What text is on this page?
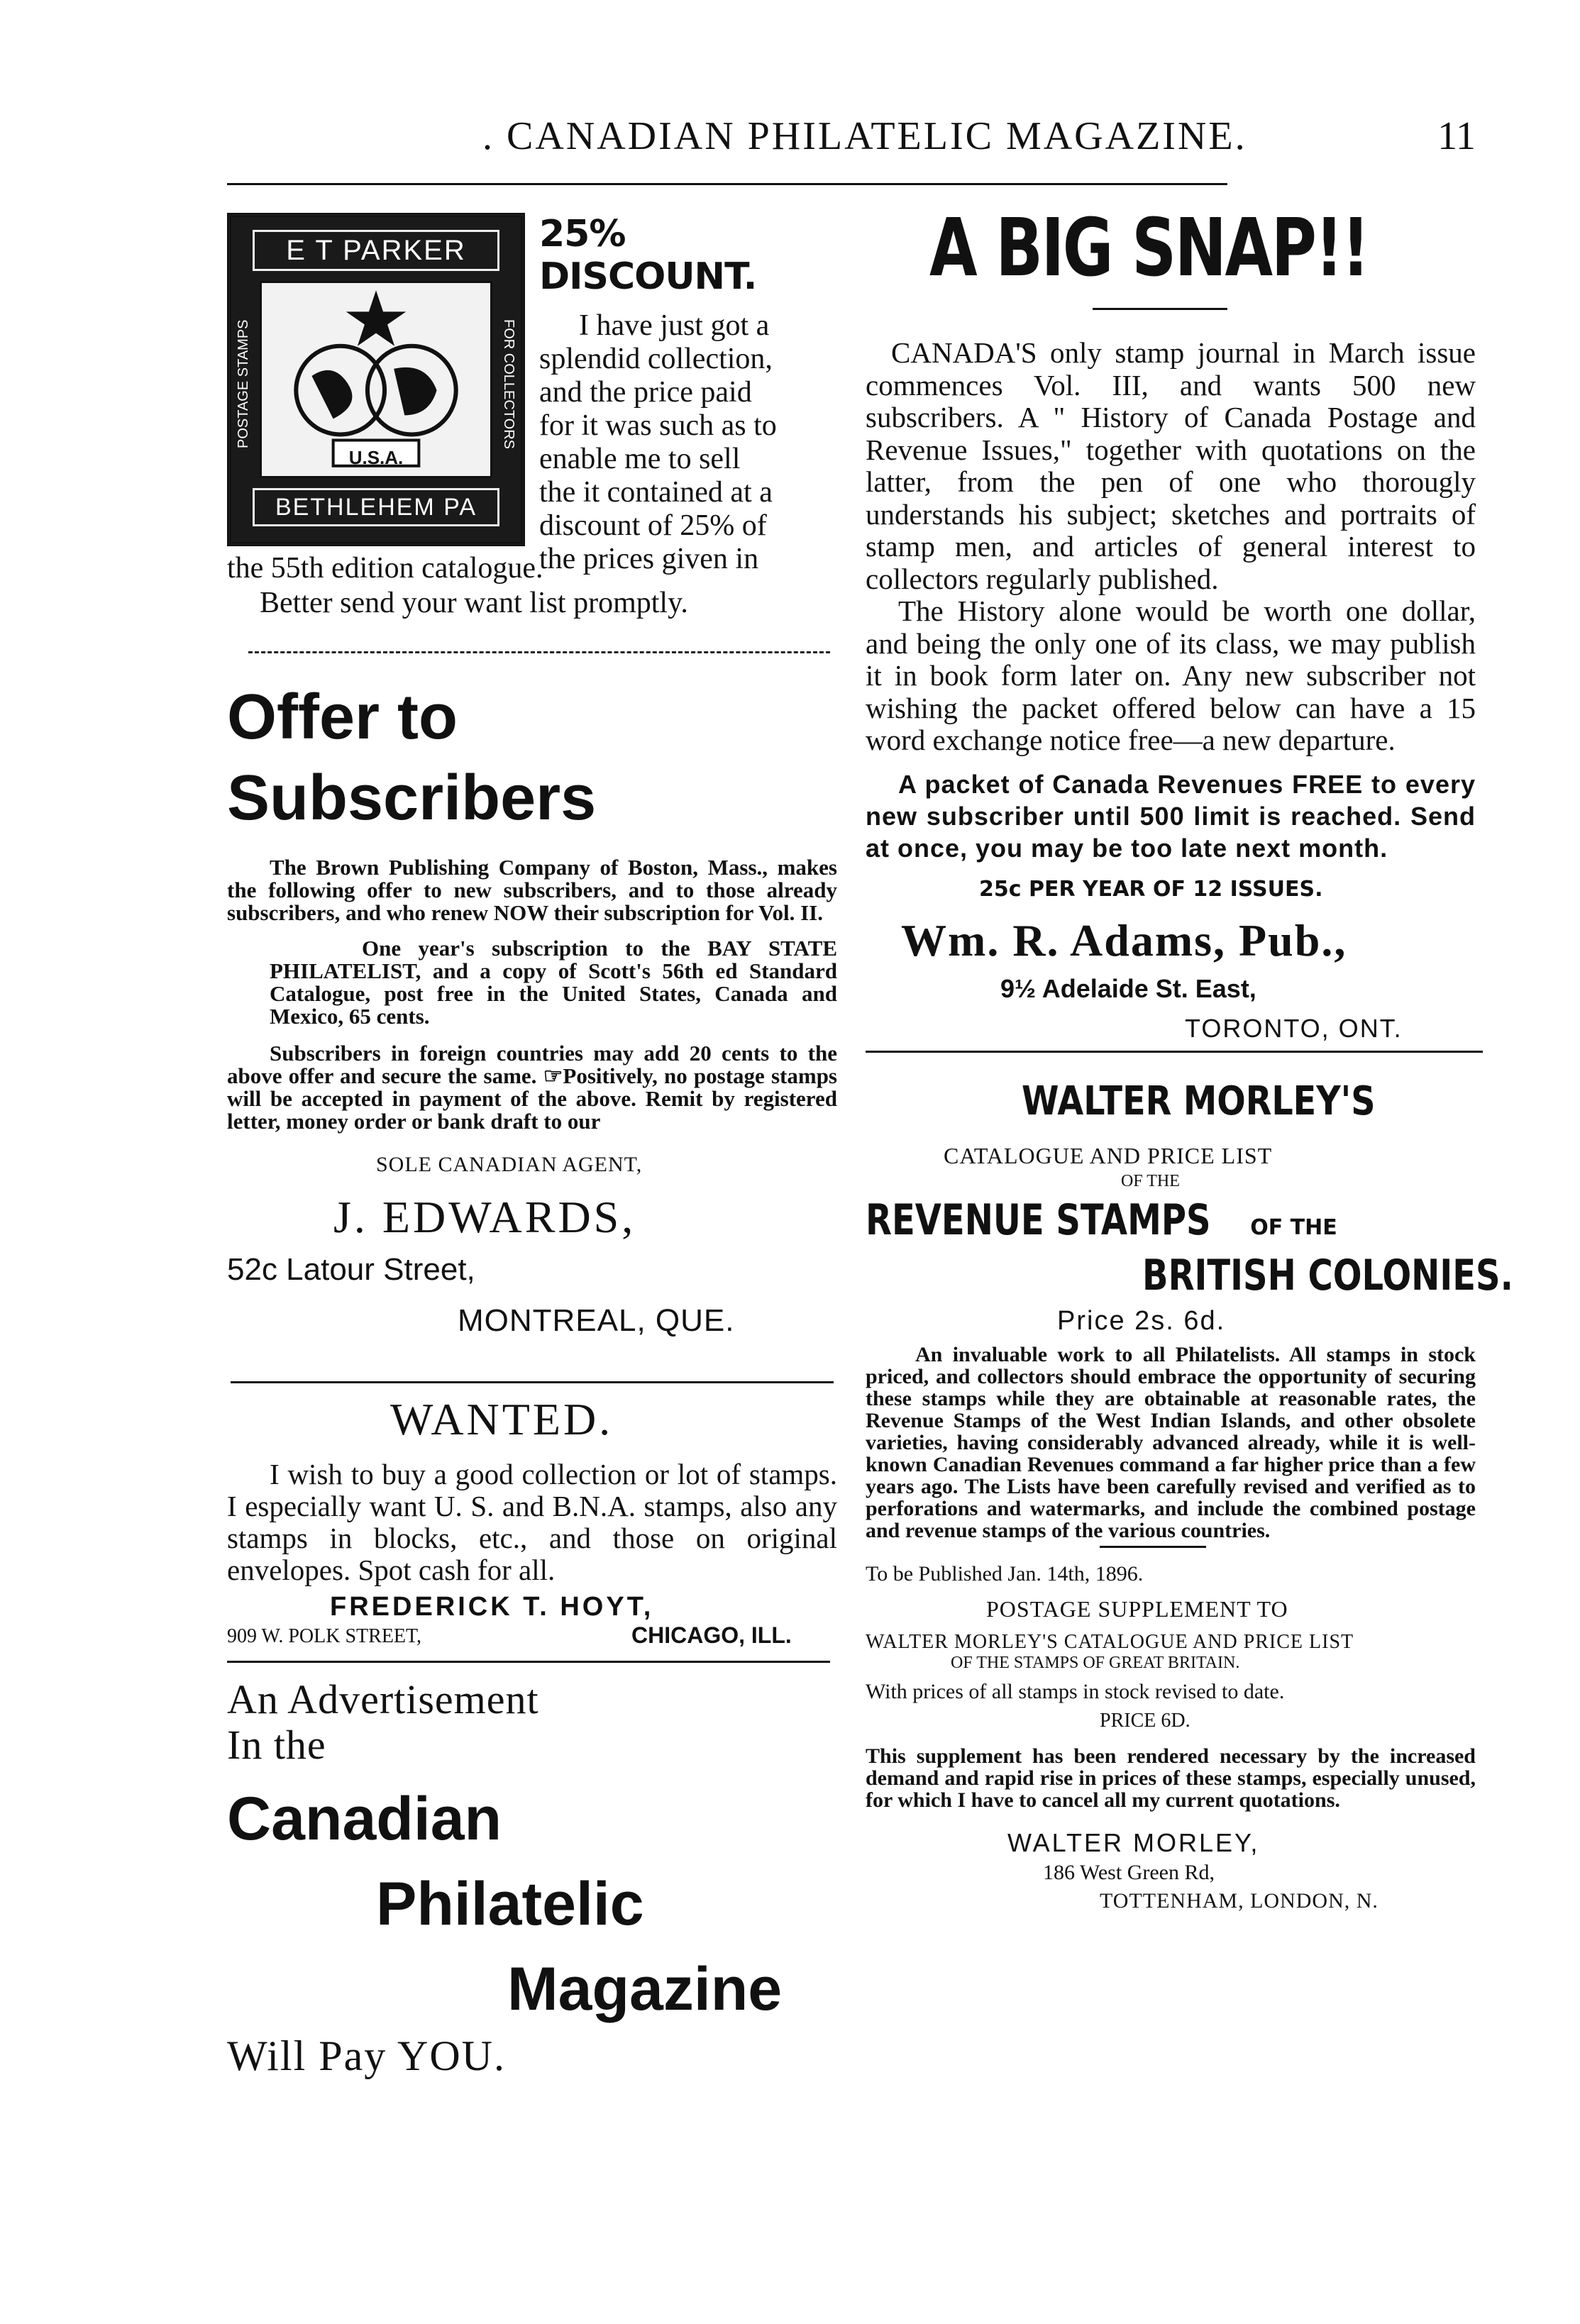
. CANADIAN PHILATELIC MAGAZINE.	11
E T PARKER
POSTAGE STAMPS	FOR COLLECTORS
U.S.A.
BETHLEHEM PA
25% DISCOUNT.
I have just got a
splendid collection,
and the price paid
for it was such as to
enable me to sell
the it contained at a
discount of 25% of
the prices given in
the 55th edition catalogue.
Better send your want list promptly.
Offer to
Subscribers

The Brown Publishing Company of Boston, Mass., makes the following offer to new subscribers, and to those already subscribers, and who renew NOW their subscription for Vol. II.

One year's subscription to the BAY STATE PHILATELIST, and a copy of Scott's 56th ed Standard Catalogue, post free in the United States, Canada and Mexico, 65 cents.

Subscribers in foreign countries may add 20 cents to the above offer and secure the same. ☞Positively, no postage stamps will be accepted in payment of the above. Remit by registered letter, money order or bank draft to our

SOLE CANADIAN AGENT,
J. EDWARDS,
52c Latour Street,
MONTREAL, QUE.
WANTED.

I wish to buy a good collection or lot of stamps. I especially want U. S. and B.N.A. stamps, also any stamps in blocks, etc., and those on original envelopes. Spot cash for all.

FREDERICK T. HOYT,
909 W. POLK STREET,	CHICAGO, ILL.
An Advertisement
In the
Canadian
Philatelic
Magazine
Will Pay YOU.
A BIG SNAP!!

CANADA'S only stamp journal in March issue commences Vol. III, and wants 500 new subscribers. A " History of Canada Postage and Revenue Issues," together with quotations on the latter, from the pen of one who thorougly understands his subject; sketches and portraits of stamp men, and articles of general interest to collectors regularly published.

The History alone would be worth one dollar, and being the only one of its class, we may publish it in book form later on. Any new subscriber not wishing the packet offered below can have a 15 word exchange notice free—a new departure.

A packet of Canada Revenues FREE to every new subscriber until 500 limit is reached. Send at once, you may be too late next month.

25c PER YEAR OF 12 ISSUES.
Wm. R. Adams, Pub.,
9½ Adelaide St. East,
TORONTO, ONT.
WALTER MORLEY'S
CATALOGUE AND PRICE LIST
OF THE
REVENUE STAMPS OF THE
BRITISH COLONIES.
Price 2s. 6d.

An invaluable work to all Philatelists. All stamps in stock priced, and collectors should embrace the opportunity of securing these stamps while they are obtainable at reasonable rates, the Revenue Stamps of the West Indian Islands, and other obsolete varieties, having considerably advanced already, while it is well-known Canadian Revenues command a far higher price than a few years ago. The Lists have been carefully revised and verified as to perforations and watermarks, and include the combined postage and revenue stamps of the various countries.

To be Published Jan. 14th, 1896.
POSTAGE SUPPLEMENT TO
WALTER MORLEY'S CATALOGUE AND PRICE LIST
OF THE STAMPS OF GREAT BRITAIN.
With prices of all stamps in stock revised to date.
PRICE 6D.

This supplement has been rendered necessary by the increased demand and rapid rise in prices of these stamps, especially unused, for which I have to cancel all my current quotations.

WALTER MORLEY,
186 West Green Rd,
TOTTENHAM, LONDON, N.
